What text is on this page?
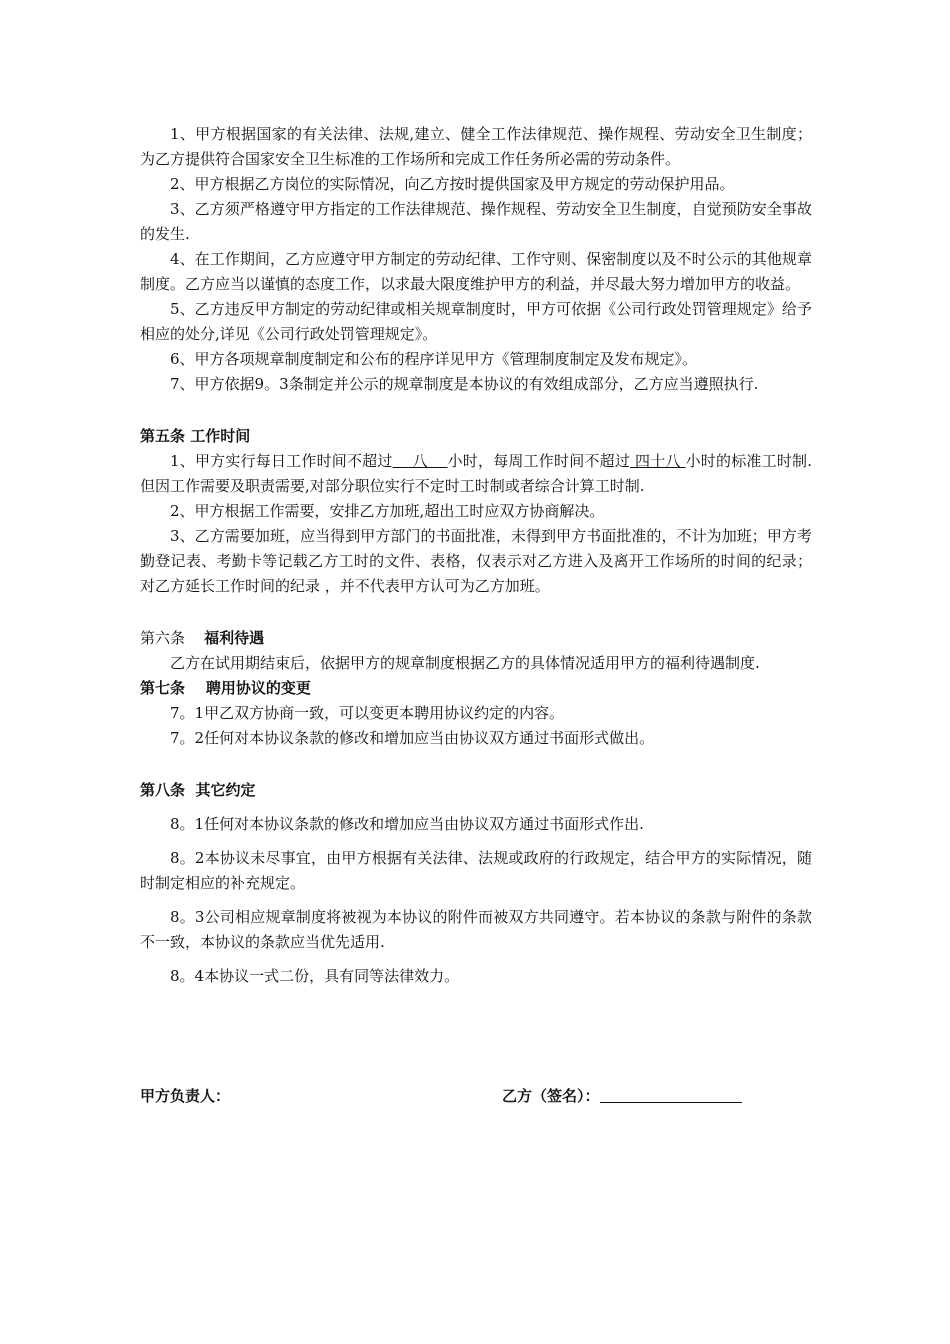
1、甲方根据国家的有关法律、法规,建立、健全工作法律规范、操作规程、劳动安全卫生制度；为乙方提供符合国家安全卫生标准的工作场所和完成工作任务所必需的劳动条件。

2、甲方根据乙方岗位的实际情况，向乙方按时提供国家及甲方规定的劳动保护用品。

3、乙方须严格遵守甲方指定的工作法律规范、操作规程、劳动安全卫生制度，自觉预防安全事故的发生.

4、在工作期间，乙方应遵守甲方制定的劳动纪律、工作守则、保密制度以及不时公示的其他规章制度。乙方应当以谨慎的态度工作，以求最大限度维护甲方的利益，并尽最大努力增加甲方的收益。

5、乙方违反甲方制定的劳动纪律或相关规章制度时，甲方可依据《公司行政处罚管理规定》给予相应的处分,详见《公司行政处罚管理规定》。

6、甲方各项规章制度制定和公布的程序详见甲方《管理制度制定及发布规定》。

7、甲方依据9。3条制定并公示的规章制度是本协议的有效组成部分，乙方应当遵照执行.

第五条 工作时间

1、甲方实行每日工作时间不超过    八    小时，每周工作时间不超过 四十八 小时的标准工时制.但因工作需要及职责需要,对部分职位实行不定时工时制或者综合计算工时制.

2、甲方根据工作需要，安排乙方加班,超出工时应双方协商解决。

3、乙方需要加班，应当得到甲方部门的书面批准，未得到甲方书面批准的，不计为加班；甲方考勤登记表、考勤卡等记载乙方工时的文件、表格，仅表示对乙方进入及离开工作场所的时间的纪录；对乙方延长工作时间的纪录 ，并不代表甲方认可为乙方加班。

第六条 福利待遇

乙方在试用期结束后，依据甲方的规章制度根据乙方的具体情况适用甲方的福利待遇制度.

第七条    聘用协议的变更

7。1甲乙双方协商一致，可以变更本聘用协议约定的内容。

7。2任何对本协议条款的修改和增加应当由协议双方通过书面形式做出。

第八条  其它约定

8。1任何对本协议条款的修改和增加应当由协议双方通过书面形式作出.

8。2本协议未尽事宜，由甲方根据有关法律、法规或政府的行政规定，结合甲方的实际情况，随时制定相应的补充规定。

8。3公司相应规章制度将被视为本协议的附件而被双方共同遵守。若本协议的条款与附件的条款不一致，本协议的条款应当优先适用.

8。4本协议一式二份，具有同等法律效力。

甲方负责人：	乙方（签名）：
